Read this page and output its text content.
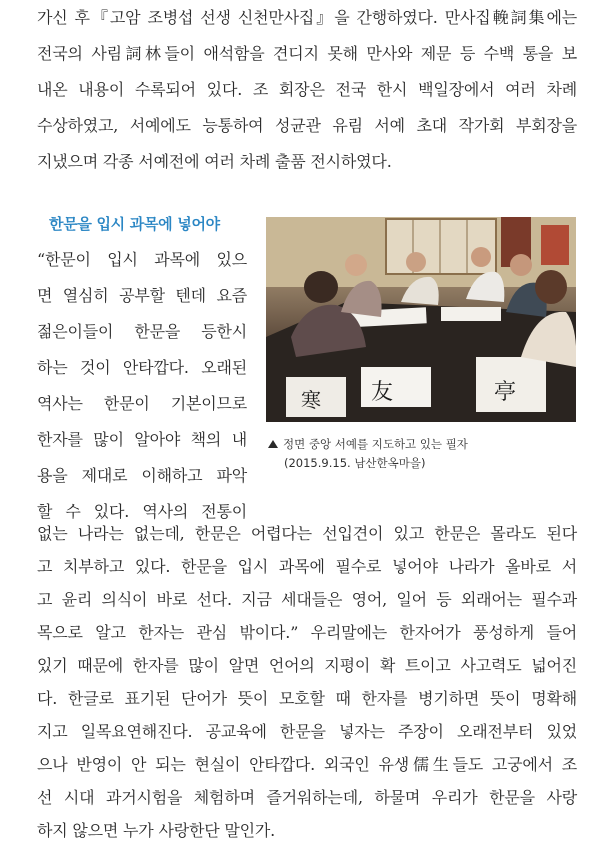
가신 후『고암 조병섭 선생 신천만사집』을 간행하였다. 만사집輓詞集에는
전국의 사림詞林들이 애석함을 견디지 못해 만사와 제문 등 수백 통을 보
내온 내용이 수록되어 있다. 조 회장은 전국 한시 백일장에서 여러 차례
수상하였고, 서예에도 능통하여 성균관 유림 서예 초대 작가회 부회장을
지냈으며 각종 서예전에 여러 차례 출품 전시하였다.
한문을 입시 과목에 넣어야
“한문이 입시 과목에 있으
면 열심히 공부할 텐데 요즘
젊은이들이 한문을 등한시
하는 것이 안타깝다. 오래된
역사는 한문이 기본이므로
한자를 많이 알아야 책의 내
용을 제대로 이해하고 파악
할 수 있다. 역사의 전통이
寒 友	亭
정면 중앙 서예를 지도하고 있는 필자
(2015.9.15. 남산한옥마을)
없는 나라는 없는데, 한문은 어렵다는 선입견이 있고 한문은 몰라도 된다
고 치부하고 있다. 한문을 입시 과목에 필수로 넣어야 나라가 올바로 서
고 윤리 의식이 바로 선다. 지금 세대들은 영어, 일어 등 외래어는 필수과
목으로 알고 한자는 관심 밖이다.” 우리말에는 한자어가 풍성하게 들어
있기 때문에 한자를 많이 알면 언어의 지평이 확 트이고 사고력도 넓어진
다. 한글로 표기된 단어가 뜻이 모호할 때 한자를 병기하면 뜻이 명확해
지고 일목요연해진다. 공교육에 한문을 넣자는 주장이 오래전부터 있었
으나 반영이 안 되는 현실이 안타깝다. 외국인 유생儒生들도 고궁에서 조
선 시대 과거시험을 체험하며 즐거워하는데, 하물며 우리가 한문을 사랑
하지 않으면 누가 사랑한단 말인가.
